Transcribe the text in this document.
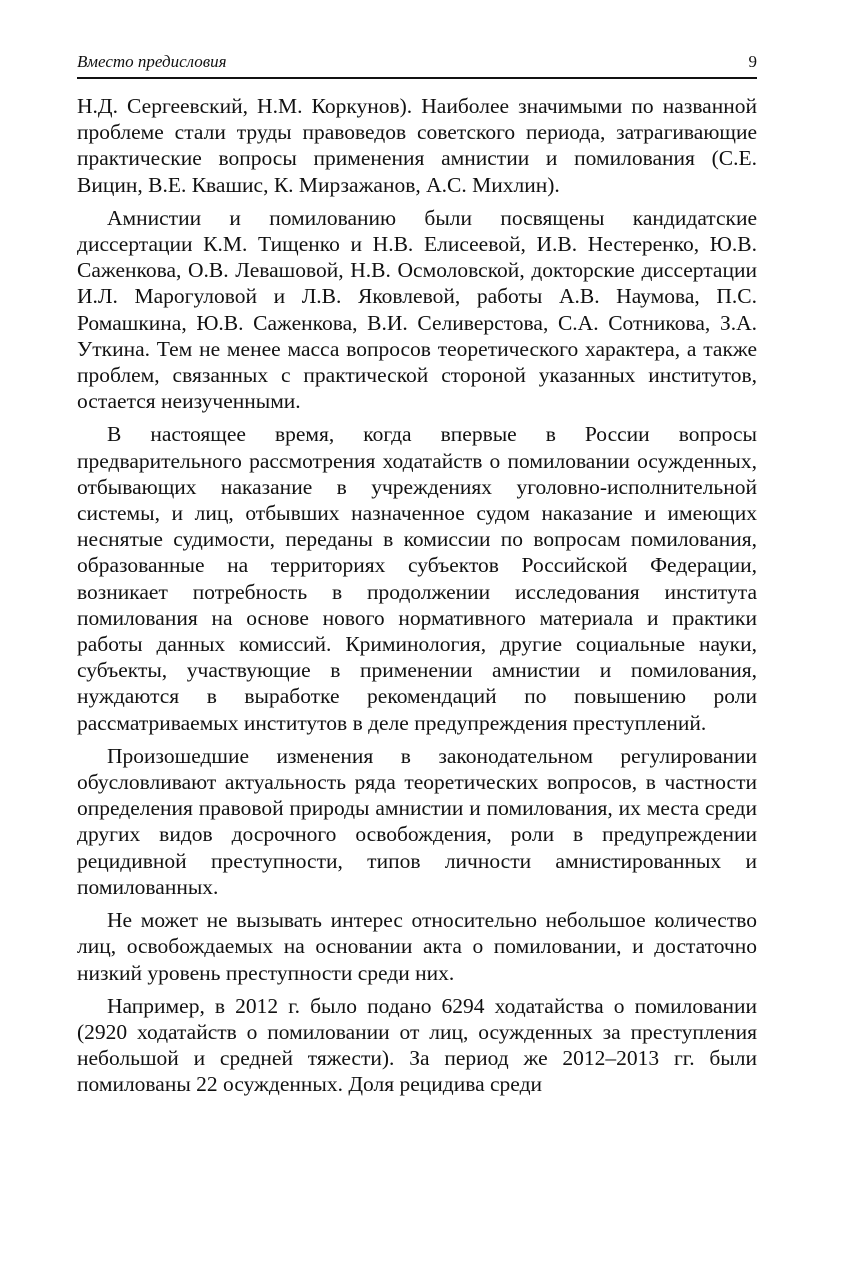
Вместо предисловия	9

Н.Д. Сергеевский, Н.М. Коркунов). Наиболее значимыми по названной проблеме стали труды правоведов советского периода, затрагивающие практические вопросы применения амнистии и помилования (С.Е. Вицин, В.Е. Квашис, К. Мирзажанов, А.С. Михлин).

Амнистии и помилованию были посвящены кандидатские диссертации К.М. Тищенко и Н.В. Елисеевой, И.В. Нестеренко, Ю.В. Саженкова, О.В. Левашовой, Н.В. Осмоловской, докторские диссертации И.Л. Марогуловой и Л.В. Яковлевой, работы А.В. Наумова, П.С. Ромашкина, Ю.В. Саженкова, В.И. Селиверстова, С.А. Сотникова, З.А. Уткина. Тем не менее масса вопросов теоретического характера, а также проблем, связанных с практической стороной указанных институтов, остается неизученными.

В настоящее время, когда впервые в России вопросы предварительного рассмотрения ходатайств о помиловании осужденных, отбывающих наказание в учреждениях уголовно-исполнительной системы, и лиц, отбывших назначенное судом наказание и имеющих неснятые судимости, переданы в комиссии по вопросам помилования, образованные на территориях субъектов Российской Федерации, возникает потребность в продолжении исследования института помилования на основе нового нормативного материала и практики работы данных комиссий. Криминология, другие социальные науки, субъекты, участвующие в применении амнистии и помилования, нуждаются в выработке рекомендаций по повышению роли рассматриваемых институтов в деле предупреждения преступлений.

Произошедшие изменения в законодательном регулировании обусловливают актуальность ряда теоретических вопросов, в частности определения правовой природы амнистии и помилования, их места среди других видов досрочного освобождения, роли в предупреждении рецидивной преступности, типов личности амнистированных и помилованных.

Не может не вызывать интерес относительно небольшое количество лиц, освобождаемых на основании акта о помиловании, и достаточно низкий уровень преступности среди них.

Например, в 2012 г. было подано 6294 ходатайства о помиловании (2920 ходатайств о помиловании от лиц, осужденных за преступления небольшой и средней тяжести). За период же 2012–2013 гг. были помилованы 22 осужденных. Доля рецидива среди
